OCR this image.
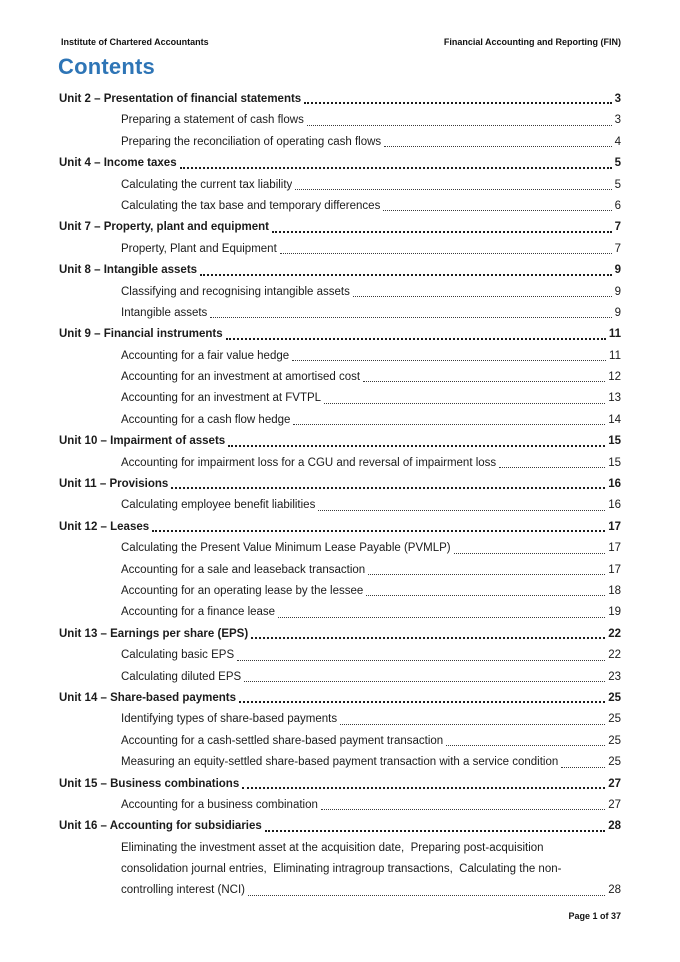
Institute of Chartered Accountants	Financial Accounting and Reporting (FIN)
Contents
Unit 2 – Presentation of financial statements	3
Preparing a statement of cash flows	3
Preparing the reconciliation of operating cash flows	4
Unit 4 – Income taxes	5
Calculating the current tax liability	5
Calculating the tax base and temporary differences	6
Unit 7 – Property, plant and equipment	7
Property, Plant and Equipment	7
Unit 8 – Intangible assets	9
Classifying and recognising intangible assets	9
Intangible assets	9
Unit 9 – Financial instruments	11
Accounting for a fair value hedge	11
Accounting for an investment at amortised cost	12
Accounting for an investment at FVTPL	13
Accounting for a cash flow hedge	14
Unit 10 – Impairment of assets	15
Accounting for impairment loss for a CGU and reversal of impairment loss	15
Unit 11 – Provisions	16
Calculating employee benefit liabilities	16
Unit 12 – Leases	17
Calculating the Present Value Minimum Lease Payable (PVMLP)	17
Accounting for a sale and leaseback transaction	17
Accounting for an operating lease by the lessee	18
Accounting for a finance lease	19
Unit 13 – Earnings per share (EPS)	22
Calculating basic EPS	22
Calculating diluted EPS	23
Unit 14 – Share-based payments	25
Identifying types of share-based payments	25
Accounting for a cash-settled share-based payment transaction	25
Measuring an equity-settled share-based payment transaction with a service condition	25
Unit 15 – Business combinations	27
Accounting for a business combination	27
Unit 16 – Accounting for subsidiaries	28
Eliminating the investment asset at the acquisition date,  Preparing post-acquisition
consolidation journal entries,  Eliminating intragroup transactions,  Calculating the non-
controlling interest (NCI)	28
Page 1 of 37
